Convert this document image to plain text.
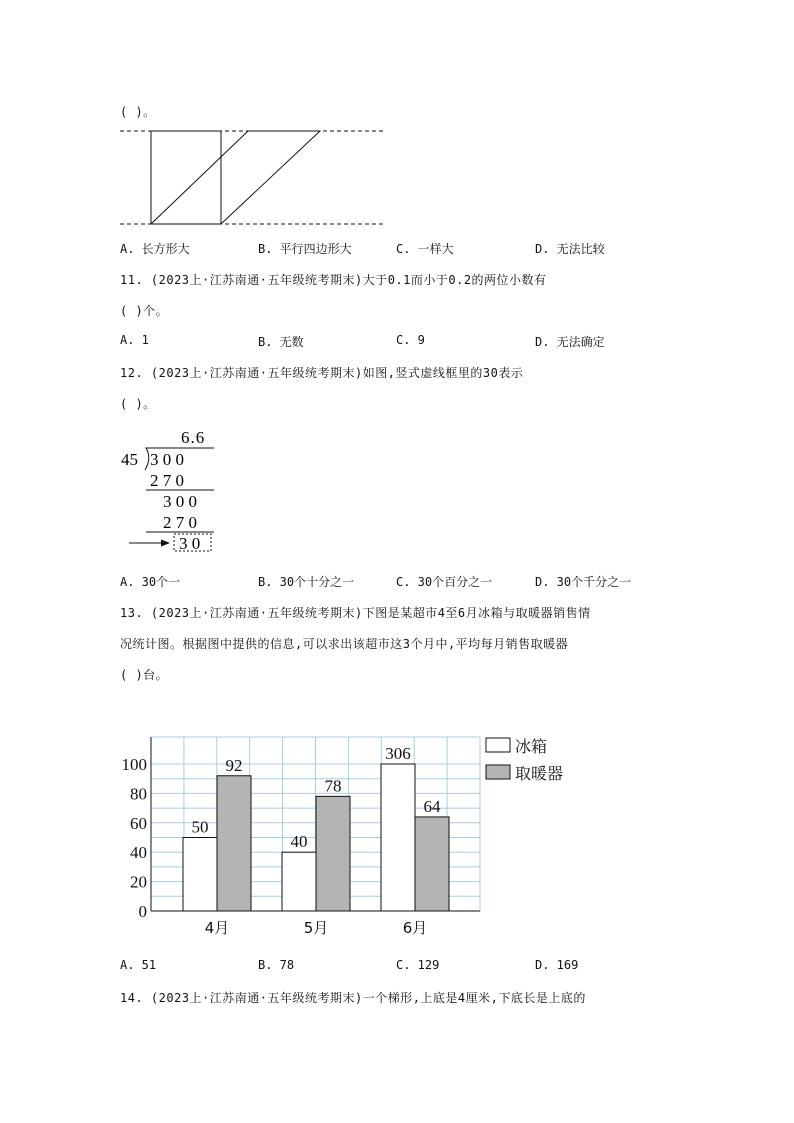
( )。
A. 长方形大	B. 平行四边形大	C. 一样大	D. 无法比较
11. (2023上·江苏南通·五年级统考期末)大于0.1而小于0.2的两位小数有
( )个。
A. 1	B. 无数	C. 9	D. 无法确定
12. (2023上·江苏南通·五年级统考期末)如图,竖式虚线框里的30表示
( )。
6.6
45 3 0 0
2 7 0
3 0 0
2 7 0
3 0
A. 30个一	B. 30个十分之一	C. 30个百分之一	D. 30个千分之一
13. (2023上·江苏南通·五年级统考期末)下图是某超市4至6月冰箱与取暖器销售情
况统计图。根据图中提供的信息,可以求出该超市这3个月中,平均每月销售取暖器
( )台。
0
20
40
60
80
100
50
92
4月
40
78
5月
306
64
6月
冰箱
取暖器
A. 51	B. 78	C. 129	D. 169
14. (2023上·江苏南通·五年级统考期末)一个梯形,上底是4厘米,下底长是上底的
